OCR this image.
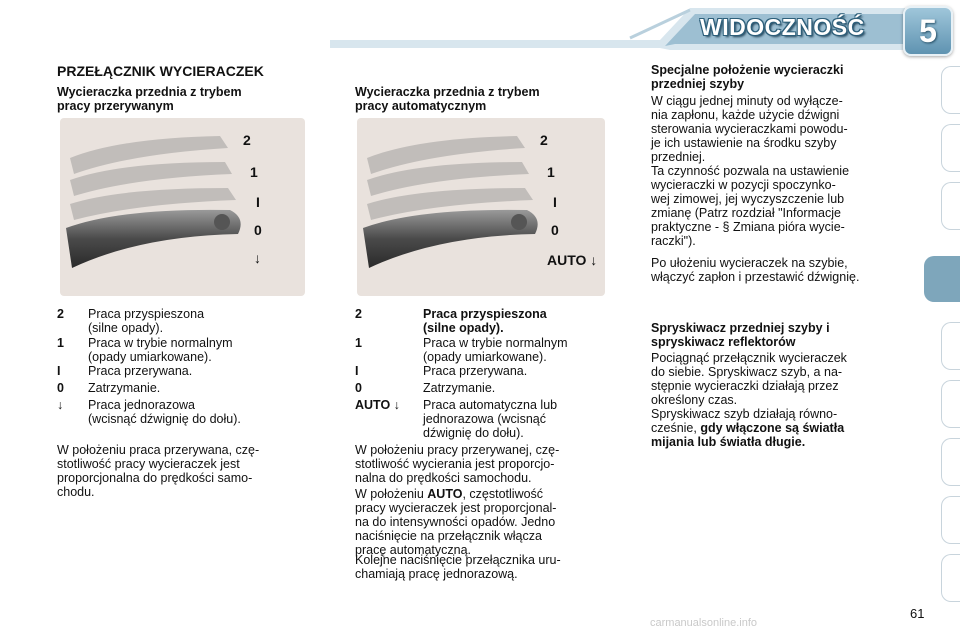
WIDOCZNOŚĆ	5
PRZEŁĄCZNIK WYCIERACZEK
Wycieraczka przednia z trybem
pracy przerywanym
2
1
I
0
↓
2 Praca przyspieszona
(silne opady).
1 Praca w trybie normalnym
(opady umiarkowane).
I Praca przerywana.
0 Zatrzymanie.
↓ Praca jednorazowa
(wcisnąć dźwignię do dołu).
W położeniu praca przerywana, czę-
stotliwość pracy wycieraczek jest
proporcjonalna do prędkości samo-
chodu.
Wycieraczka przednia z trybem
pracy automatycznym
2
1
I
0
AUTO ↓
2	Praca przyspieszona
(silne opady).
1	Praca w trybie normalnym
(opady umiarkowane).
I	Praca przerywana.
0	Zatrzymanie.
AUTO ↓ Praca automatyczna lub
jednorazowa (wcisnąć
dźwignię do dołu).
W położeniu pracy przerywanej, czę-
stotliwość wycierania jest proporcjo-
nalna do prędkości samochodu.
W położeniu AUTO, częstotliwość
pracy wycieraczek jest proporcjonal-
na do intensywności opadów. Jedno
naciśnięcie na przełącznik włącza
pracę automatyczną.
Kolejne naciśnięcie przełącznika uru-
chamiają pracę jednorazową.
Specjalne położenie wycieraczki
przedniej szyby
W ciągu jednej minuty od wyłącze-
nia zapłonu, każde użycie dźwigni
sterowania wycieraczkami powodu-
je ich ustawienie na środku szyby
przedniej.
Ta czynność pozwala na ustawienie
wycieraczki w pozycji spoczynko-
wej zimowej, jej wyczyszczenie lub
zmianę (Patrz rozdział "Informacje
praktyczne - § Zmiana pióra wycie-
raczki").
Po ułożeniu wycieraczek na szybie,
włączyć zapłon i przestawić dźwignię.
Spryskiwacz przedniej szyby i
spryskiwacz reflektorów
Pociągnąć przełącznik wycieraczek
do siebie. Spryskiwacz szyb, a na-
stępnie wycieraczki działają przez
określony czas.
Spryskiwacz szyb działają równo-
cześnie, gdy włączone są światła
mijania lub światła długie.
61
carmanualsonline.info
